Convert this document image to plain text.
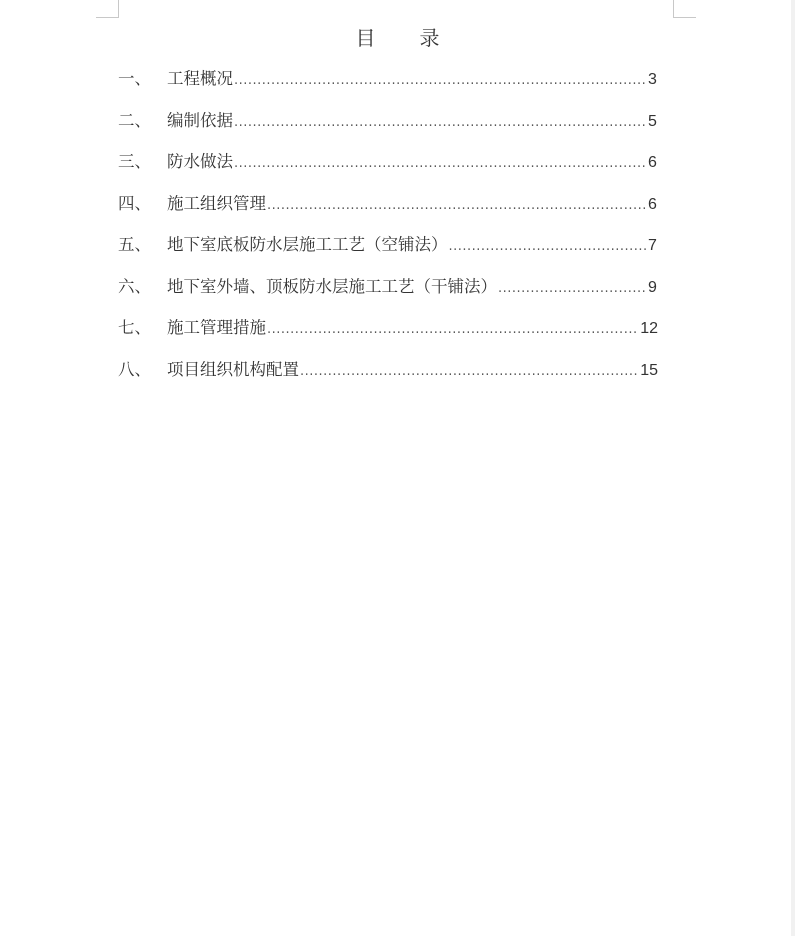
目录
一、 工程概况 .....	3
二、 编制依据 .....	5
三、 防水做法 .....	6
四、 施工组织管理 .....	6
五、 地下室底板防水层施工工艺（空铺法） .....	7
六、 地下室外墙、顶板防水层施工工艺（干铺法） .....	9
七、 施工管理措施 .....	12
八、 项目组织机构配置 .....	15
